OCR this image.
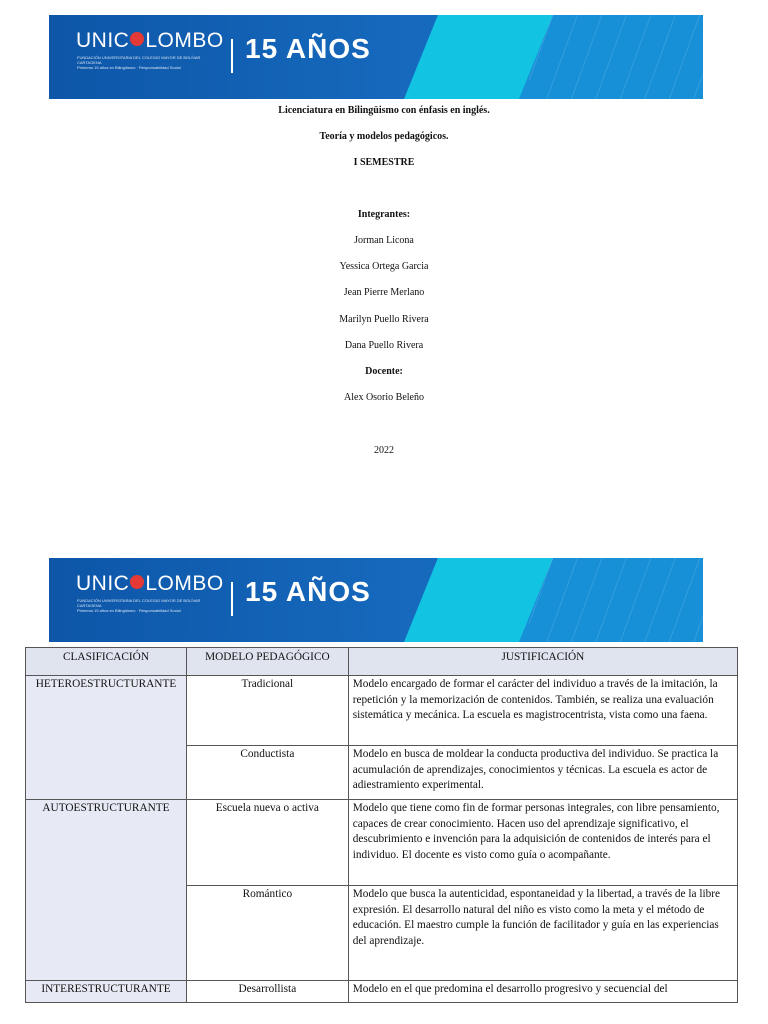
UNIC LOMBO
FUNDACIÓN UNIVERSITARIA DEL COLEGIO MAYOR DE BOLÍVAR
CARTAGENA
Primeros 15 años en Bilingüismo · Responsabilidad Social
15 AÑOS
Licenciatura en Bilingüismo con énfasis en inglés.
Teoría y modelos pedagógicos.
I SEMESTRE
Integrantes:
Jorman Licona
Yessica Ortega Garcia
Jean Pierre Merlano
Marilyn Puello Rivera
Dana Puello Rivera
Docente:
Alex Osorio Beleño
2022
UNIC LOMBO
FUNDACIÓN UNIVERSITARIA DEL COLEGIO MAYOR DE BOLÍVAR
CARTAGENA
Primeros 15 años en Bilingüismo · Responsabilidad Social
15 AÑOS
CLASIFICACIÓN	MODELO PEDAGÓGICO	JUSTIFICACIÓN
HETEROESTRUCTURANTE	Tradicional	Modelo encargado de formar el carácter del individuo a través de la imitación, la repetición y la memorización de contenidos. También, se realiza una evaluación sistemática y mecánica. La escuela es magistrocentrista, vista como una faena.
	Conductista	Modelo en busca de moldear la conducta productiva del individuo. Se practica la acumulación de aprendizajes, conocimientos y técnicas. La escuela es actor de adiestramiento experimental.
AUTOESTRUCTURANTE	Escuela nueva o activa	Modelo que tiene como fin de formar personas integrales, con libre pensamiento, capaces de crear conocimiento. Hacen uso del aprendizaje significativo, el descubrimiento e invención para la adquisición de contenidos de interés para el individuo. El docente es visto como guía o acompañante.
	Romántico	Modelo que busca la autenticidad, espontaneidad y la libertad, a través de la libre expresión. El desarrollo natural del niño es visto como la meta y el método de educación. El maestro cumple la función de facilitador y guía en las experiencias del aprendizaje.
INTERESTRUCTURANTE	Desarrollista	Modelo en el que predomina el desarrollo progresivo y secuencial del
